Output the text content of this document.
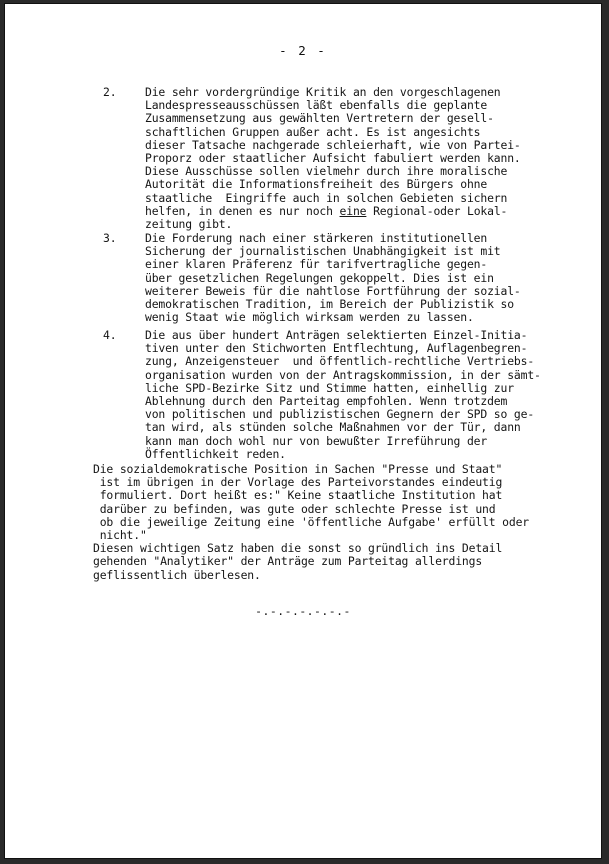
- 2 -
2.	Die sehr vordergründige Kritik an den vorgeschlagenen
Landespresseausschüssen läßt ebenfalls die geplante
Zusammensetzung aus gewählten Vertretern der gesell-
schaftlichen Gruppen außer acht. Es ist angesichts
dieser Tatsache nachgerade schleierhaft, wie von Partei-
Proporz oder staatlicher Aufsicht fabuliert werden kann.
Diese Ausschüsse sollen vielmehr durch ihre moralische
Autorität die Informationsfreiheit des Bürgers ohne
staatliche  Eingriffe auch in solchen Gebieten sichern
helfen, in denen es nur noch eine Regional-oder Lokal-
zeitung gibt.
3.	Die Forderung nach einer stärkeren institutionellen
Sicherung der journalistischen Unabhängigkeit ist mit
einer klaren Präferenz für tarifvertragliche gegen-
über gesetzlichen Regelungen gekoppelt. Dies ist ein
weiterer Beweis für die nahtlose Fortführung der sozial-
demokratischen Tradition, im Bereich der Publizistik so
wenig Staat wie möglich wirksam werden zu lassen.
4.	Die aus über hundert Anträgen selektierten Einzel-Initia-
tiven unter den Stichworten Entflechtung, Auflagenbegren-
zung, Anzeigensteuer  und öffentlich-rechtliche Vertriebs-
organisation wurden von der Antragskommission, in der sämt-
liche SPD-Bezirke Sitz und Stimme hatten, einhellig zur
Ablehnung durch den Parteitag empfohlen. Wenn trotzdem
von politischen und publizistischen Gegnern der SPD so ge-
tan wird, als stünden solche Maßnahmen vor der Tür, dann
kann man doch wohl nur von bewußter Irreführung der
Öffentlichkeit reden.
Die sozialdemokratische Position in Sachen "Presse und Staat"
ist im übrigen in der Vorlage des Parteivorstandes eindeutig
formuliert. Dort heißt es:" Keine staatliche Institution hat
darüber zu befinden, was gute oder schlechte Presse ist und
ob die jeweilige Zeitung eine 'öffentliche Aufgabe' erfüllt oder
nicht."
Diesen wichtigen Satz haben die sonst so gründlich ins Detail
gehenden "Analytiker" der Anträge zum Parteitag allerdings
geflissentlich überlesen.
-.-.-.-.-.-.-
